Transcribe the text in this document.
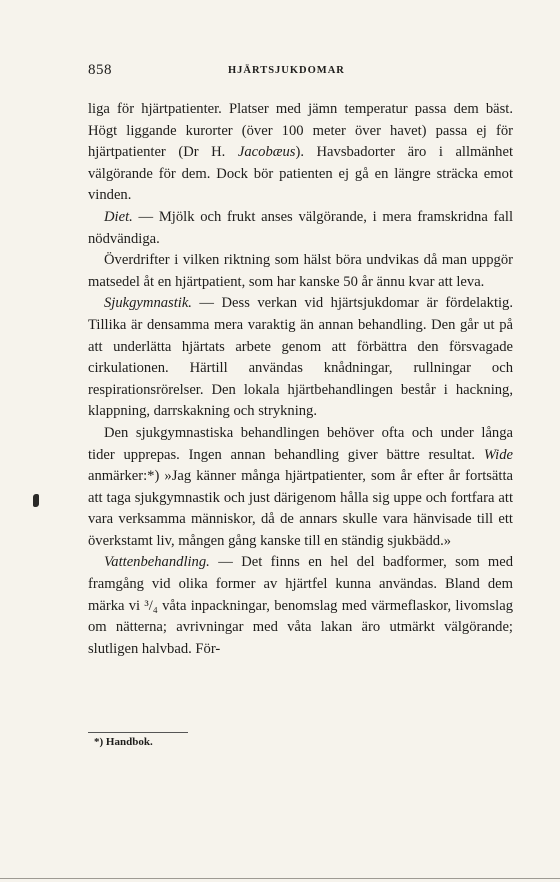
858	HJÄRTSJUKDOMAR

liga för hjärtpatienter. Platser med jämn temperatur passa dem bäst. Högt liggande kurorter (över 100 meter över havet) passa ej för hjärtpatienter (Dr H. Jacobæus). Havsbadorter äro i allmänhet välgörande för dem. Dock bör patienten ej gå en längre sträcka emot vinden.

Diet. — Mjölk och frukt anses välgörande, i mera framskridna fall nödvändiga.

Överdrifter i vilken riktning som hälst böra undvikas då man uppgör matsedel åt en hjärtpatient, som har kanske 50 år ännu kvar att leva.

Sjukgymnastik. — Dess verkan vid hjärtsjukdomar är fördelaktig. Tillika är densamma mera varaktig än annan behandling. Den går ut på att underlätta hjärtats arbete genom att förbättra den försvagade cirkulationen. Härtill användas knådningar, rullningar och respirationsrörelser. Den lokala hjärtbehandlingen består i hackning, klappning, darrskakning och strykning.

Den sjukgymnastiska behandlingen behöver ofta och under långa tider upprepas. Ingen annan behandling giver bättre resultat. Wide anmärker:*) »Jag känner många hjärtpatienter, som år efter år fortsätta att taga sjukgymnastik och just därigenom hålla sig uppe och fortfara att vara verksamma människor, då de annars skulle vara hänvisade till ett överkstamt liv, mången gång kanske till en ständig sjukbädd.»

Vattenbehandling. — Det finns en hel del badformer, som med framgång vid olika former av hjärtfel kunna användas. Bland dem märka vi ³/₄ våta inpackningar, benomslag med värmeflaskor, livomslag om nätterna; avrivningar med våta lakan äro utmärkt välgörande; slutligen halvbad. För-

*) Handbok.
